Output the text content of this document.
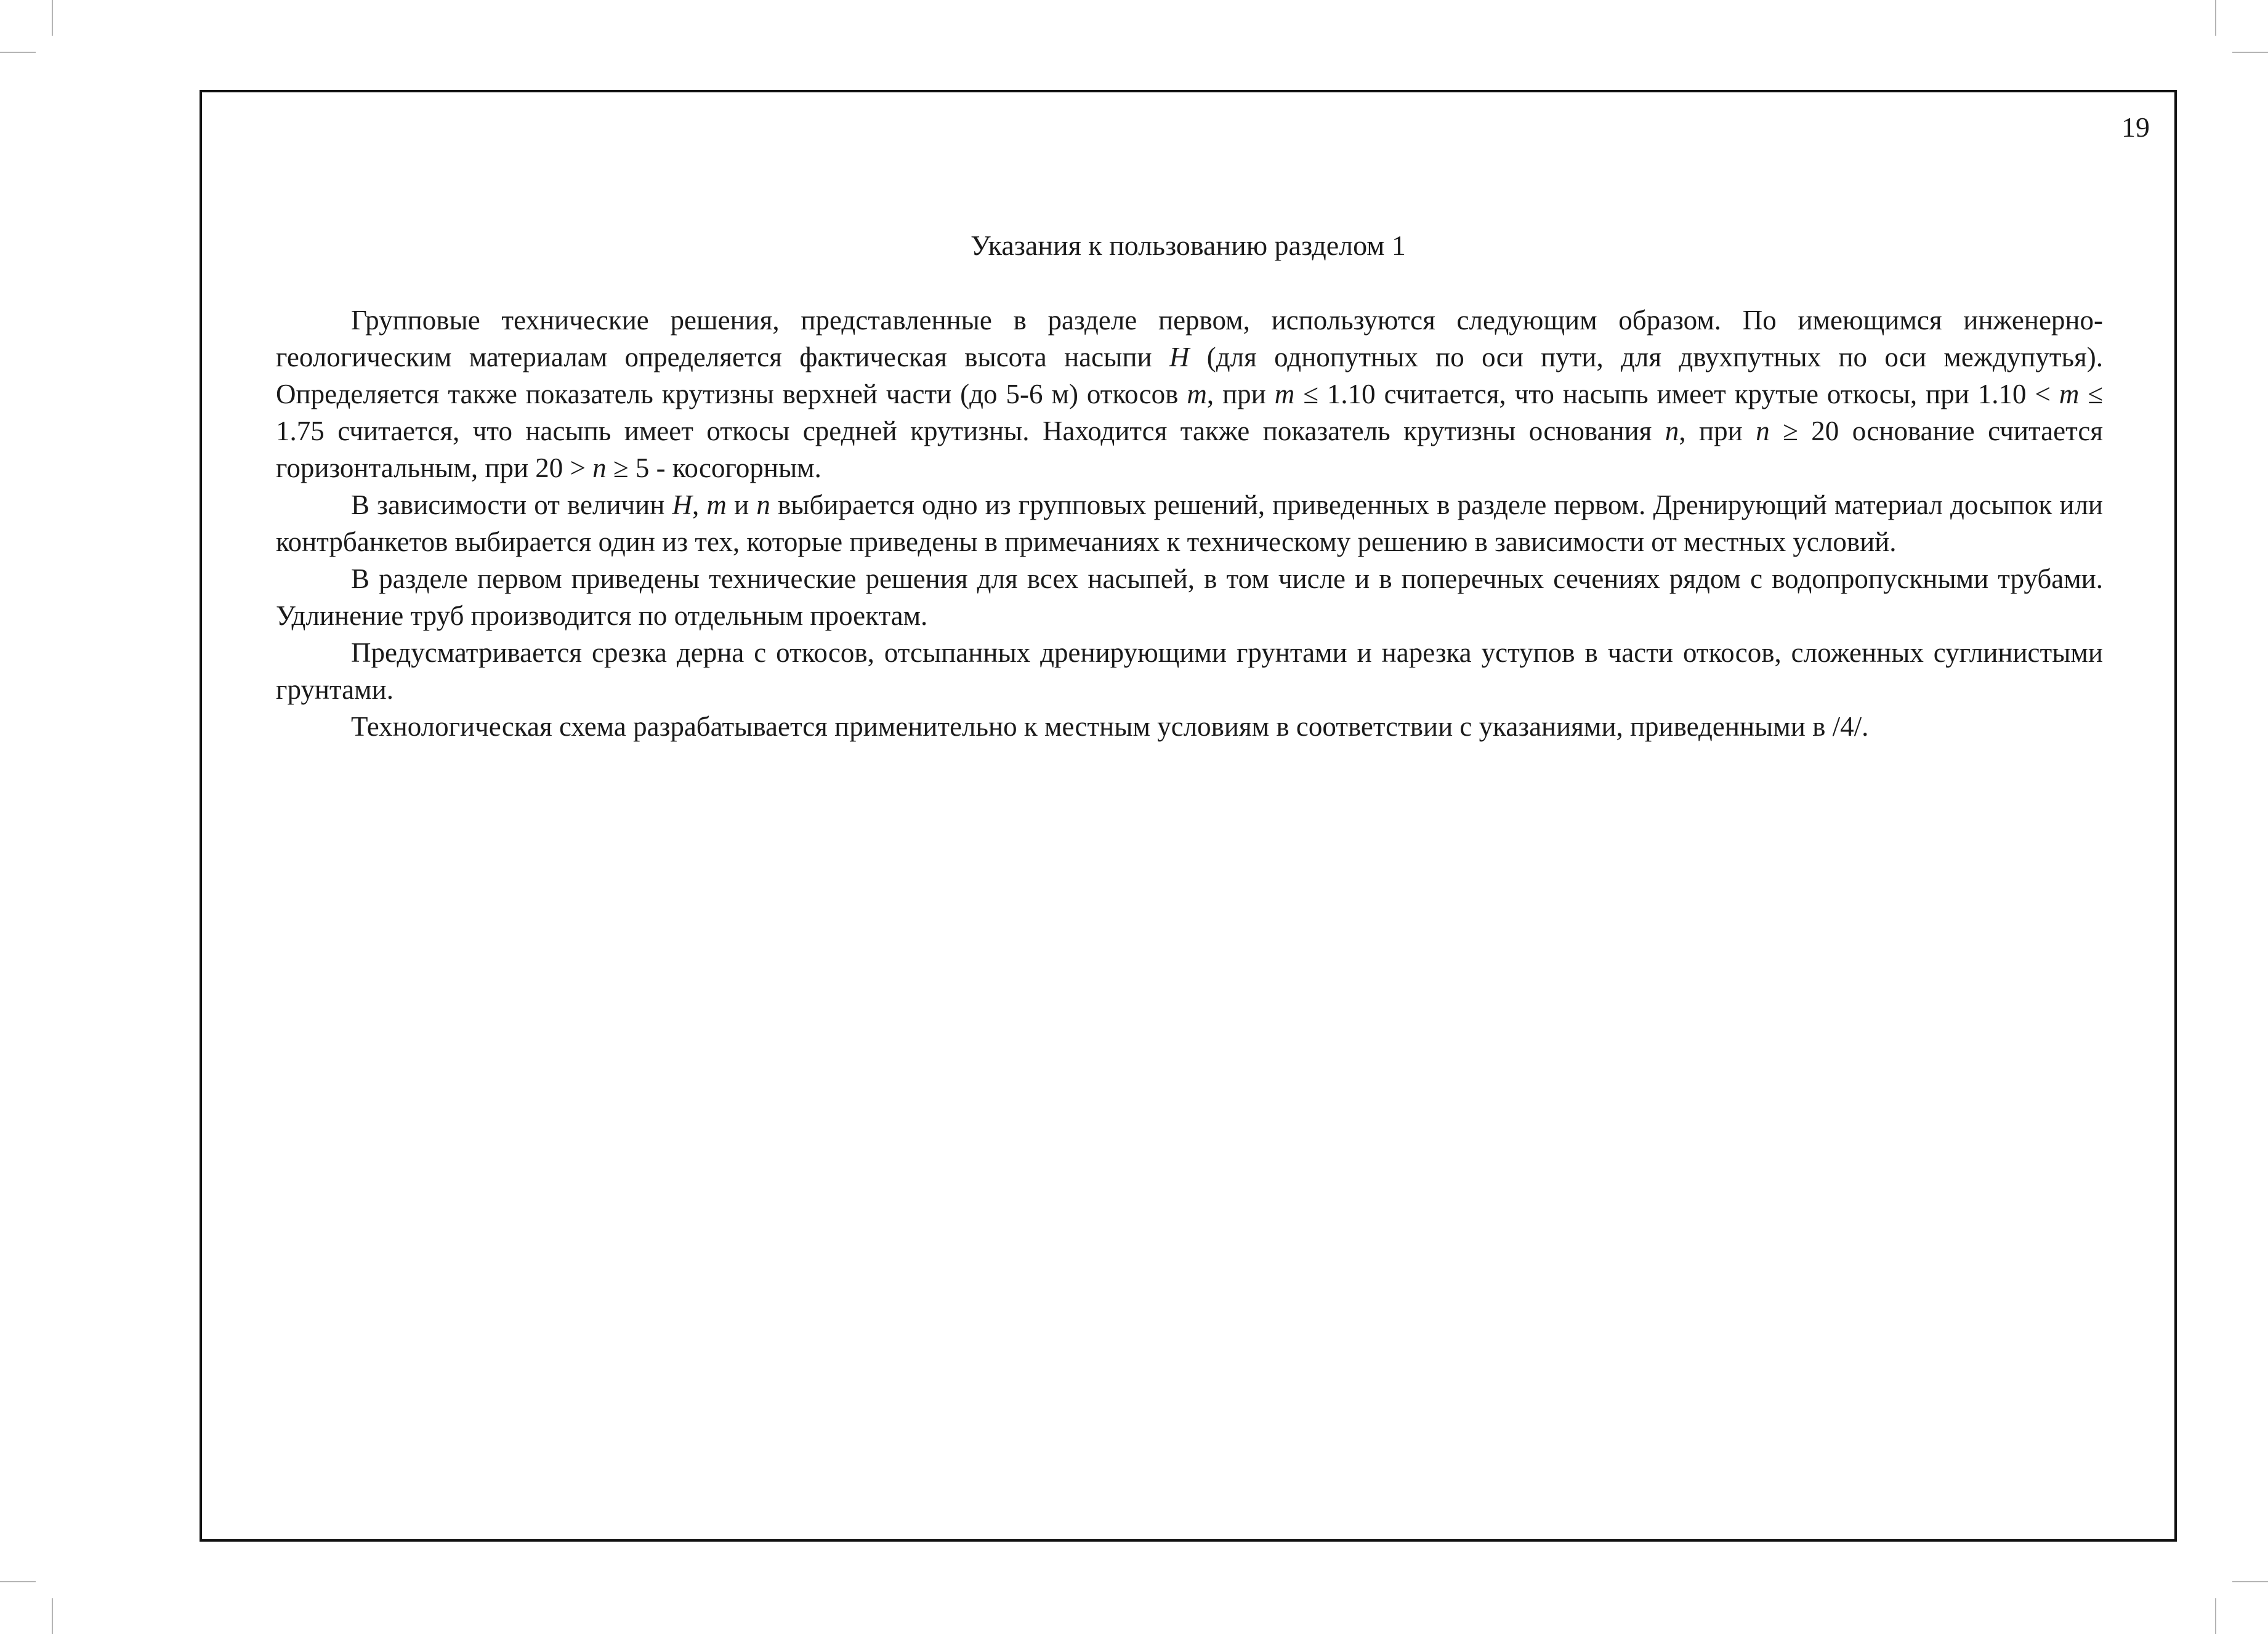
19
Указания к пользованию разделом 1

Групповые технические решения, представленные в разделе первом, используются следующим образом. По имеющимся инженерно-геологическим материалам определяется фактическая высота насыпи H (для однопутных по оси пути, для двухпутных по оси междупутья). Определяется также показатель крутизны верхней части (до 5-6 м) откосов m, при m ≤ 1.10 считается, что насыпь имеет крутые откосы, при 1.10 < m ≤ 1.75 считается, что насыпь имеет откосы средней крутизны. Находится также показатель крутизны основания n, при n ≥ 20 основание считается горизонтальным, при 20 > n ≥ 5 - косогорным.

В зависимости от величин H, m и n выбирается одно из групповых решений, приведенных в разделе первом. Дренирующий материал досыпок или контрбанкетов выбирается один из тех, которые приведены в примечаниях к техническому решению в зависимости от местных условий.

В разделе первом приведены технические решения для всех насыпей, в том числе и в поперечных сечениях рядом с водопропускными трубами. Удлинение труб производится по отдельным проектам.

Предусматривается срезка дерна с откосов, отсыпанных дренирующими грунтами и нарезка уступов в части откосов, сложенных суглинистыми грунтами.

Технологическая схема разрабатывается применительно к местным условиям в соответствии с указаниями, приведенными в /4/.
